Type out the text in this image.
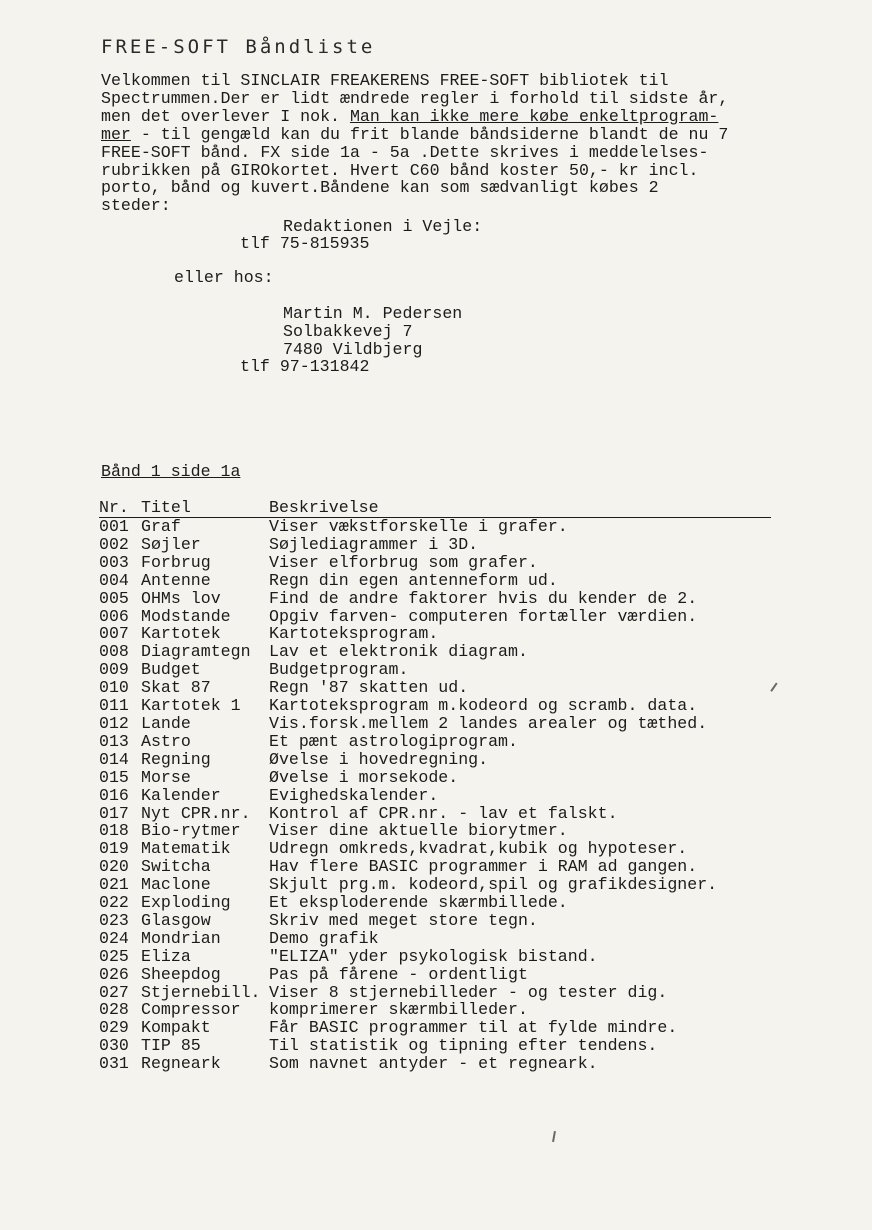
FREE-SOFT Båndliste

Velkommen til SINCLAIR FREAKERENS FREE-SOFT bibliotek til

Spectrummen.Der er lidt ændrede regler i forhold til sidste år,

men det overlever I nok. Man kan ikke mere købe enkeltprogram-

mer - til gengæld kan du frit blande båndsiderne blandt de nu 7

FREE-SOFT bånd. FX side 1a - 5a .Dette skrives i meddelelses-

rubrikken på GIROkortet. Hvert C60 bånd koster 50,- kr incl.

porto, bånd og kuvert.Båndene kan som sædvanligt købes 2

steder:

Redaktionen i Vejle:
tlf 75-815935
eller hos:
Martin M. Pedersen
Solbakkevej 7
7480 Vildbjerg
tlf 97-131842
Bånd 1 side 1a
Nr.	Titel	Beskrivelse
001	Graf	Viser vækstforskelle i grafer.
002	Søjler	Søjlediagrammer i 3D.
003	Forbrug	Viser elforbrug som grafer.
004	Antenne	Regn din egen antenneform ud.
005	OHMs lov	Find de andre faktorer hvis du kender de 2.
006	Modstande	Opgiv farven- computeren fortæller værdien.
007	Kartotek	Kartoteksprogram.
008	Diagramtegn	Lav et elektronik diagram.
009	Budget	Budgetprogram.
010	Skat 87	Regn '87 skatten ud.
011	Kartotek 1	Kartoteksprogram m.kodeord og scramb. data.
012	Lande	Vis.forsk.mellem 2 landes arealer og tæthed.
013	Astro	Et pænt astrologiprogram.
014	Regning	Øvelse i hovedregning.
015	Morse	Øvelse i morsekode.
016	Kalender	Evighedskalender.
017	Nyt CPR.nr.	Kontrol af CPR.nr. - lav et falskt.
018	Bio-rytmer	Viser dine aktuelle biorytmer.
019	Matematik	Udregn omkreds,kvadrat,kubik og hypoteser.
020	Switcha	Hav flere BASIC programmer i RAM ad gangen.
021	Maclone	Skjult prg.m. kodeord,spil og grafikdesigner.
022	Exploding	Et eksploderende skærmbillede.
023	Glasgow	Skriv med meget store tegn.
024	Mondrian	Demo grafik
025	Eliza	"ELIZA" yder psykologisk bistand.
026	Sheepdog	Pas på fårene - ordentligt
027	Stjernebill.	Viser 8 stjernebilleder - og tester dig.
028	Compressor	komprimerer skærmbilleder.
029	Kompakt	Får BASIC programmer til at fylde mindre.
030	TIP 85	Til statistik og tipning efter tendens.
031	Regneark	Som navnet antyder - et regneark.
